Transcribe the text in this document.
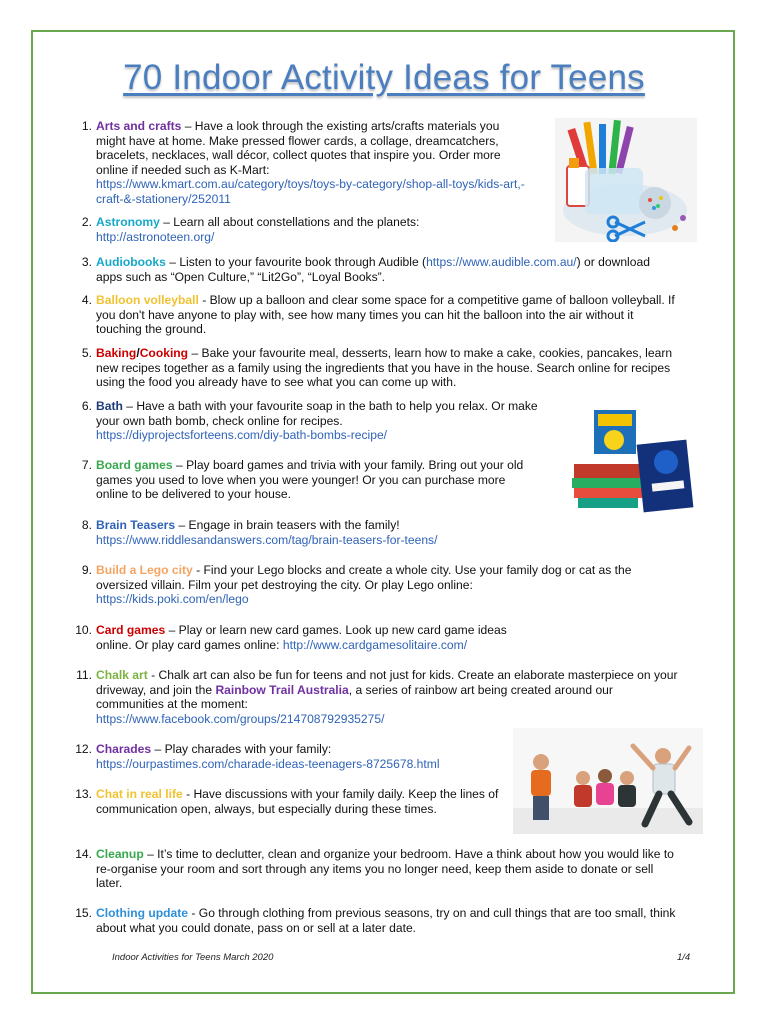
70 Indoor Activity Ideas for Teens
1. Arts and crafts – Have a look through the existing arts/crafts materials you might have at home. Make pressed flower cards, a collage, dreamcatchers, bracelets, necklaces, wall décor, collect quotes that inspire you. Order more online if needed such as K-Mart:
https://www.kmart.com.au/category/toys/toys-by-category/shop-all-toys/kids-art,-craft-&-stationery/252011
2. Astronomy – Learn all about constellations and the planets:
http://astronoteen.org/
3. Audiobooks – Listen to your favourite book through Audible (https://www.audible.com.au/) or download apps such as “Open Culture,” “Lit2Go”, “Loyal Books”.
4. Balloon volleyball - Blow up a balloon and clear some space for a competitive game of balloon volleyball. If you don't have anyone to play with, see how many times you can hit the balloon into the air without it touching the ground.
5. Baking/Cooking – Bake your favourite meal, desserts, learn how to make a cake, cookies, pancakes, learn new recipes together as a family using the ingredients that you have in the house. Search online for recipes using the food you already have to see what you can come up with.
6. Bath – Have a bath with your favourite soap in the bath to help you relax. Or make your own bath bomb, check online for recipes.
https://diyprojectsforteens.com/diy-bath-bombs-recipe/
7. Board games – Play board games and trivia with your family. Bring out your old games you used to love when you were younger! Or you can purchase more online to be delivered to your house.
8. Brain Teasers – Engage in brain teasers with the family!
https://www.riddlesandanswers.com/tag/brain-teasers-for-teens/
9. Build a Lego city - Find your Lego blocks and create a whole city. Use your family dog or cat as the oversized villain. Film your pet destroying the city. Or play Lego online:
https://kids.poki.com/en/lego
10. Card games – Play or learn new card games. Look up new card game ideas online. Or play card games online: http://www.cardgamesolitaire.com/
11. Chalk art - Chalk art can also be fun for teens and not just for kids. Create an elaborate masterpiece on your driveway, and join the Rainbow Trail Australia, a series of rainbow art being created around our communities at the moment:
https://www.facebook.com/groups/214708792935275/
12. Charades – Play charades with your family:
https://ourpastimes.com/charade-ideas-teenagers-8725678.html
13. Chat in real life - Have discussions with your family daily. Keep the lines of communication open, always, but especially during these times.
14. Cleanup – It’s time to declutter, clean and organize your bedroom. Have a think about how you would like to re-organise your room and sort through any items you no longer need, keep them aside to donate or sell later.
15. Clothing update - Go through clothing from previous seasons, try on and cull things that are too small, think about what you could donate, pass on or sell at a later date.
Indoor Activities for Teens March 2020	1/4
